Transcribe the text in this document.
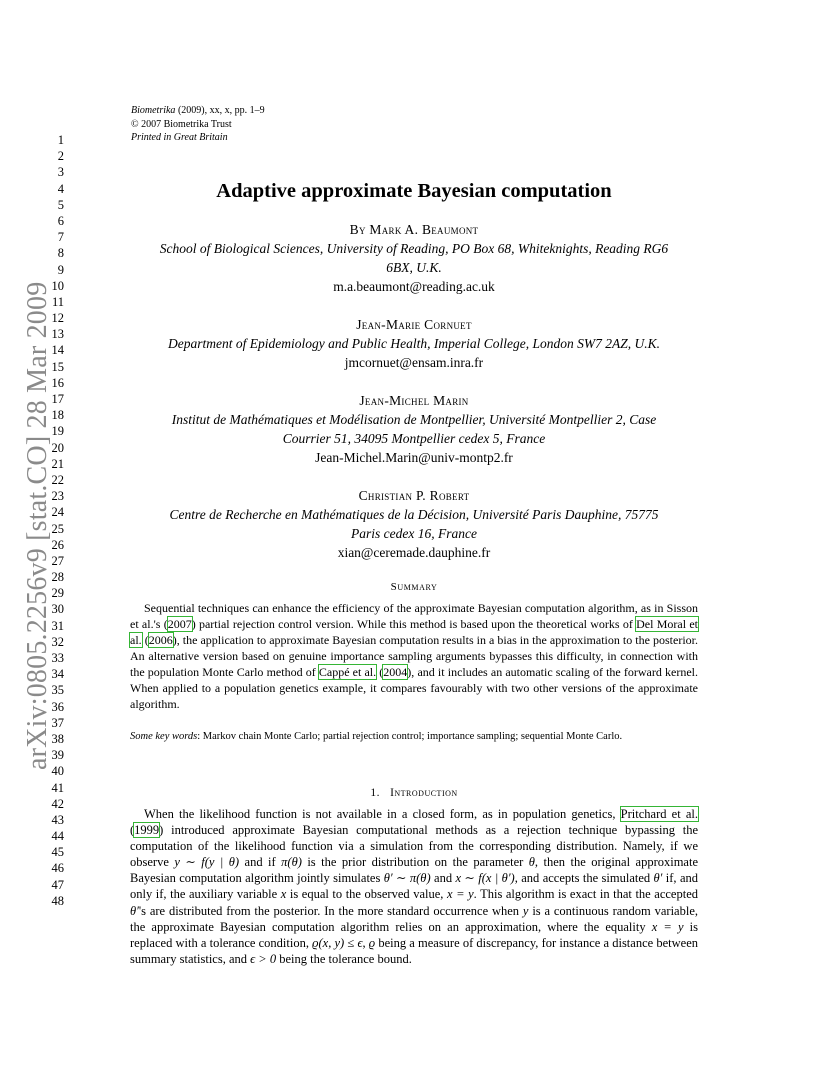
Biometrika (2009), xx, x, pp. 1–9
© 2007 Biometrika Trust
Printed in Great Britain
1
2
3
4
5
6
7
8
9
10
11
12
13
14
15
16
17
18
19
20
21
22
23
24
25
26
27
28
29
30
31
32
33
34
35
36
37
38
39
40
41
42
43
44
45
46
47
48
arXiv:0805.2256v9 [stat.CO] 28 Mar 2009
Adaptive approximate Bayesian computation
By Mark A. Beaumont
School of Biological Sciences, University of Reading, PO Box 68, Whiteknights, Reading RG6
6BX, U.K.
m.a.beaumont@reading.ac.uk
Jean-Marie Cornuet
Department of Epidemiology and Public Health, Imperial College, London SW7 2AZ, U.K.
jmcornuet@ensam.inra.fr
Jean-Michel Marin
Institut de Mathématiques et Modélisation de Montpellier, Université Montpellier 2, Case
Courrier 51, 34095 Montpellier cedex 5, France
Jean-Michel.Marin@univ-montp2.fr
Christian P. Robert
Centre de Recherche en Mathématiques de la Décision, Université Paris Dauphine, 75775
Paris cedex 16, France
xian@ceremade.dauphine.fr
Summary
Sequential techniques can enhance the efficiency of the approximate Bayesian computation algorithm, as in Sisson et al.'s (2007) partial rejection control version. While this method is based upon the theoretical works of Del Moral et al. (2006), the application to approximate Bayesian computation results in a bias in the approximation to the posterior. An alternative version based on genuine importance sampling arguments bypasses this difficulty, in connection with the population Monte Carlo method of Cappé et al. (2004), and it includes an automatic scaling of the forward kernel. When applied to a population genetics example, it compares favourably with two other versions of the approximate algorithm.
Some key words: Markov chain Monte Carlo; partial rejection control; importance sampling; sequential Monte Carlo.
1. Introduction
When the likelihood function is not available in a closed form, as in population genetics, Pritchard et al. (1999) introduced approximate Bayesian computational methods as a rejection technique bypassing the computation of the likelihood function via a simulation from the corresponding distribution. Namely, if we observe y ∼ f(y | θ) and if π(θ) is the prior distribution on the parameter θ, then the original approximate Bayesian computation algorithm jointly simulates θ′ ∼ π(θ) and x ∼ f(x | θ′), and accepts the simulated θ′ if, and only if, the auxiliary variable x is equal to the observed value, x = y. This algorithm is exact in that the accepted θ′'s are distributed from the posterior. In the more standard occurrence when y is a continuous random variable, the approximate Bayesian computation algorithm relies on an approximation, where the equality x = y is replaced with a tolerance condition, ϱ(x, y) ≤ ϵ, ϱ being a measure of discrepancy, for instance a distance between summary statistics, and ϵ > 0 being the tolerance bound.
